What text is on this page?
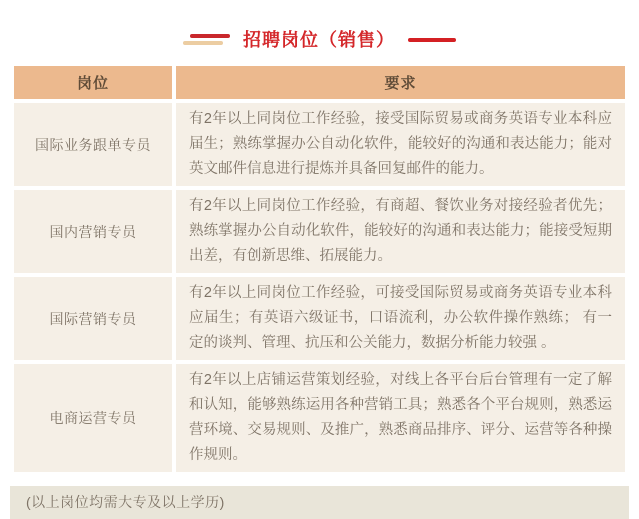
招聘岗位（销售）
岗位	要求
国际业务跟单专员	有2年以上同岗位工作经验，接受国际贸易或商务英语专业本科应届生；熟练掌握办公自动化软件，能较好的沟通和表达能力；能对英文邮件信息进行提炼并具备回复邮件的能力。
国内营销专员	有2年以上同岗位工作经验，有商超、餐饮业务对接经验者优先；熟练掌握办公自动化软件，能较好的沟通和表达能力；能接受短期出差，有创新思维、拓展能力。
国际营销专员	有2年以上同岗位工作经验，可接受国际贸易或商务英语专业本科应届生；有英语六级证书，口语流利，办公软件操作熟练； 有一定的谈判、管理、抗压和公关能力，数据分析能力较强 。
电商运营专员	有2年以上店铺运营策划经验，对线上各平台后台管理有一定了解和认知，能够熟练运用各种营销工具；熟悉各个平台规则，熟悉运营环境、交易规则、及推广，熟悉商品排序、评分、运营等各种操作规则。
(以上岗位均需大专及以上学历)
